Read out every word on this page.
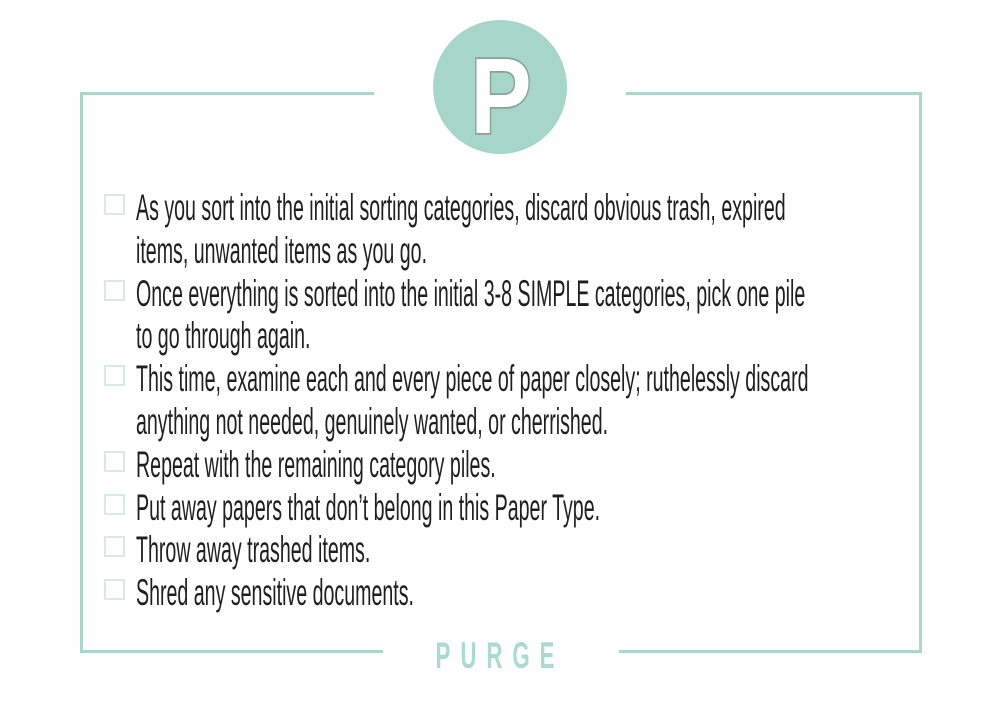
P
As you sort into the initial sorting categories, discard obvious trash, expired
items, unwanted items as you go.
Once everything is sorted into the initial 3-8 SIMPLE categories, pick one pile
to go through again.
This time, examine each and every piece of paper closely; ruthelessly discard
anything not needed, genuinely wanted, or cherrished.
Repeat with the remaining category piles.
Put away papers that don’t belong in this Paper Type.
Throw away trashed items.
Shred any sensitive documents.
PURGE
